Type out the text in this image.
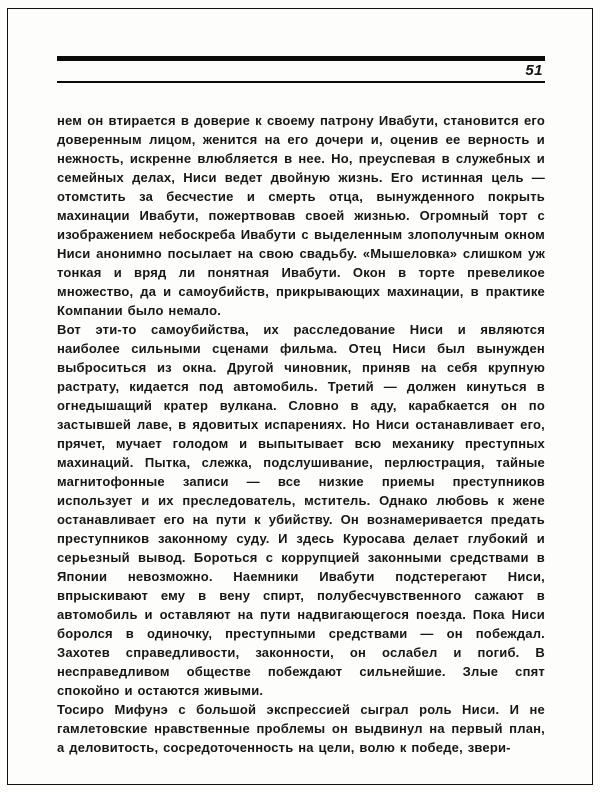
51

нем он втирается в доверие к своему патрону Ивабути, становится его доверенным лицом, женится на его дочери и, оценив ее верность и нежность, искренне влюбляется в нее. Но, преуспевая в служебных и семейных делах, Ниси ведет двойную жизнь. Его истинная цель — отомстить за бесчестие и смерть отца, вынужденного покрыть махинации Ивабути, пожертвовав своей жизнью. Огромный торт с изображением небоскреба Ивабути с выделенным злополучным окном Ниси анонимно посылает на свою свадьбу. «Мышеловка» слишком уж тонкая и вряд ли понятная Ивабути. Окон в торте превеликое множество, да и самоубийств, прикрывающих махинации, в практике Компании было немало.

Вот эти-то самоубийства, их расследование Ниси и являются наиболее сильными сценами фильма. Отец Ниси был вынужден выброситься из окна. Другой чиновник, приняв на себя крупную растрату, кидается под автомобиль. Третий — должен кинуться в огнедышащий кратер вулкана. Словно в аду, карабкается он по застывшей лаве, в ядовитых испарениях. Но Ниси останавливает его, прячет, мучает голодом и выпытывает всю механику преступных махинаций. Пытка, слежка, подслушивание, перлюстрация, тайные магнитофонные записи — все низкие приемы преступников использует и их преследователь, мститель. Однако любовь к жене останавливает его на пути к убийству. Он вознамеривается предать преступников законному суду. И здесь Куросава делает глубокий и серьезный вывод. Бороться с коррупцией законными средствами в Японии невозможно. Наемники Ивабути подстерегают Ниси, впрыскивают ему в вену спирт, полубесчувственного сажают в автомобиль и оставляют на пути надвигающегося поезда. Пока Ниси боролся в одиночку, преступными средствами — он побеждал. Захотев справедливости, законности, он ослабел и погиб. В несправедливом обществе побеждают сильнейшие. Злые спят спокойно и остаются живыми.

Тосиро Мифунэ с большой экспрессией сыграл роль Ниси. И не гамлетовские нравственные проблемы он выдвинул на первый план, а деловитость, сосредоточенность на цели, волю к победе, звери-
